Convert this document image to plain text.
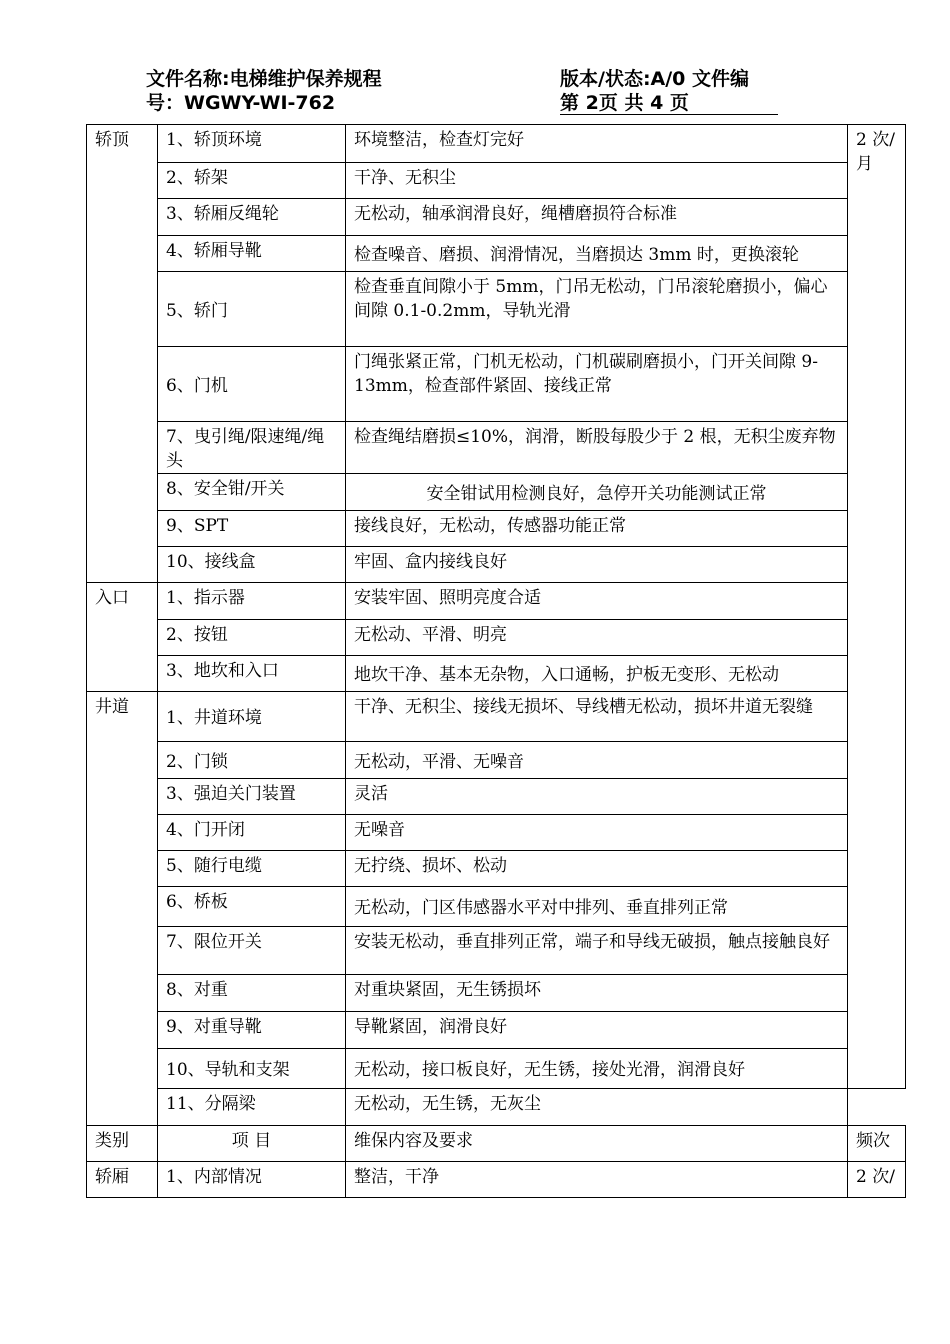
文件名称:电梯维护保养规程	版本/状态:A/0 文件编
号：WGWY-WI-762	第 2页 共 4 页
轿顶	1、轿顶环境	环境整洁，检查灯完好	2 次/月
	2、轿架	干净、无积尘	
	3、轿厢反绳轮	无松动，轴承润滑良好，绳槽磨损符合标准	
	4、轿厢导靴	检查噪音、磨损、润滑情况，当磨损达 3mm 时，更换滚轮	
	5、轿门	检查垂直间隙小于 5mm，门吊无松动，门吊滚轮磨损小，偏心间隙 0.1-0.2mm，导轨光滑	
	6、门机	门绳张紧正常，门机无松动，门机碳刷磨损小，门开关间隙 9-13mm，检查部件紧固、接线正常	
	7、曳引绳/限速绳/绳头	检查绳结磨损≤10%，润滑，断股每股少于 2 根，无积尘废弃物	
	8、安全钳/开关	安全钳试用检测良好，急停开关功能测试正常	
	9、SPT	接线良好，无松动，传感器功能正常	
	10、接线盒	牢固、盒内接线良好	
入口	1、指示器	安装牢固、照明亮度合适	
	2、按钮	无松动、平滑、明亮	
	3、地坎和入口	地坎干净、基本无杂物，入口通畅，护板无变形、无松动	
井道	1、井道环境	干净、无积尘、接线无损坏、导线槽无松动，损坏井道无裂缝	
	2、门锁	无松动，平滑、无噪音	
	3、强迫关门装置	灵活	
	4、门开闭	无噪音	
	5、随行电缆	无拧绕、损坏、松动	
	6、桥板	无松动，门区伟感器水平对中排列、垂直排列正常	
	7、限位开关	安装无松动，垂直排列正常，端子和导线无破损，触点接触良好	
	8、对重	对重块紧固，无生锈损坏	
	9、对重导靴	导靴紧固，润滑良好	
	10、导轨和支架	无松动，接口板良好，无生锈，接处光滑，润滑良好	
	11、分隔梁	无松动，无生锈，无灰尘	
类别	项 目	维保内容及要求	频次
轿厢	1、内部情况	整洁，干净	2 次/
